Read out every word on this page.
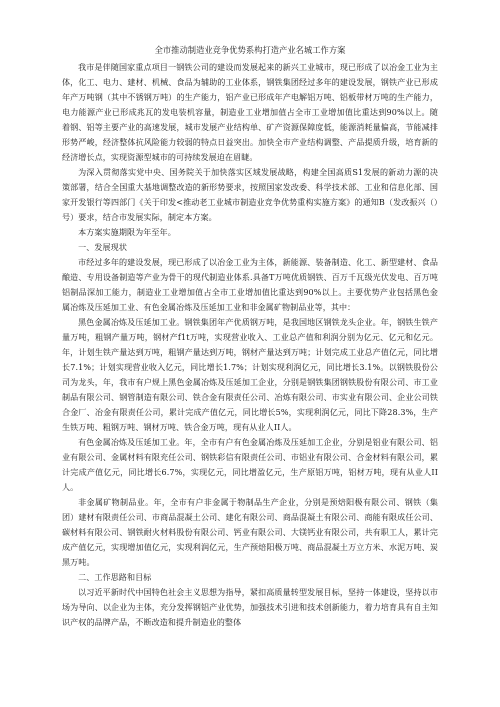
全市推动制造业竞争优势系构打造产业名城工作方案

我市是伴随国家重点项目一钢铁公司的建设而发展起来的新兴工业城市，现已形成了以冶金工业为主体，化工、电力、建材、机械、食品为辅助的工业体系，钢铁集团经过多年的建设发展，钢铁产业已形成年产万吨钢（其中不锈钢万吨）的生产能力，铝产业已形成年产电解铝万吨、铝板带材万吨的生产能力，电力能源产业已形成兆瓦的发电装机容量，制造业工业增加值占全市工业增加值比重达到90%以上。随着钢、铝等主要产业的高速发展，城市发展产业结构单、矿产资源保障度低，能源消耗量偏高，节能减排形势严峻，经济整体抗风险能力较弱的特点日益突出。加快全市产业结构调整、产品提质升级，培育新的经济增长点，实现资源型城市的可持续发展迫在眉睫。

为深入贯彻落实党中央、国务院关于加快落实区域发展战略，构建全国高质S1发展的新动力源的决策部署，结合全国重大基地调整改造的新形势要求，按照国家发改委、科学技术部、工业和信息化部、国家开发银行等四部门《关于印发<推动老工业城市制造业竞争优势重构实施方案》的通知B（发改振兴（）号）要求，结合市发展实际，制定本方案。

本方案实施期限为年至年。

一、发展现状

市经过多年的建设发展，现已形成了以冶金工业为主体，新能源、装备制造、化工、新型建材、食品酿造、专用设备制造等产业为骨干的现代制造业体系.具备T万吨优质钢铁、百万千瓦级光伏发电、百万吨铝制品深加工能力，制造业工业增加值占全市工业增加值比重达到90%以上。主要优势产业包括黑色金属冶炼及压延加工业、有色金属冶炼及压延加工业和非金属矿物制品业等，其中：

黑色金属冶炼及压延加工业。钢铁集团年产优质钢万吨，是我国地区钢铁龙头企业。年，钢铁生铁产量万吨，粗钢产量万吨，钢材产f1t万吨，实现营业收入、工业总产值和利润分别为亿元、亿元和亿元。年，计划生铁产量达到万吨，粗钢产量达到万吨，钢材产量达到万吨；计划完成工业总产值亿元，同比增长7.1%；计划实现营业收入亿元，同比增长1.7%；计划实现利润亿元，同比增长3.1%。以钢铁股份公司为龙头，年，我市有户规上黑色金属冶炼及压延加工企业，分别是钢铁集团钢铁股份有限公司、市工业制品有限公司、钢管制造有限公司、铁合金有限责任公司、冶炼有限公司、市实业有限公司、企业公司铁合金厂、冶金有限责任公司，累计完成产值亿元，同比增长5%，实现利润亿元，同比下降28.3%，生产生铁万吨、粗钢万吨、钢材万吨、铁合金万吨，现有从业人II人。

有色金属冶炼及压延加工业。年，全市有户有色金属冶炼及压延加工企业，分别是铝业有限公司、铝业有限公司、金属材料有限充任公司、钢铁彩信有限责任公司、市铝业有限公司、合金材料有限公司，累计完成产值亿元，同比增长6.7%，实现亿元，同比增盈亿元，生产原铝万吨，铝材万吨，现有从业人II人。

非金属矿物制品业。年，全市有户非金属于物制品生产企业，分别是预焙阳极有限公司、钢铁（集团）建材有限责任公司、市商品混凝土公司、建化有限公司、商品混凝土有限公司、商能有限成任公司、碳材料有限公司、钢铁耐火材料股份有限公司、钙业有限公司、大镁钙业有限公司，共有职工人，累计完成产值亿元，实现增加值亿元，实现利润亿元，生产预焙阳极万吨、商品混凝土万立方米、水泥万吨、炭黑万吨。

二、工作思路和目标

以习近平新时代中国特色社会主义思想为指导，紧扣高质量转型发展目标，坚持一体建设，坚持以市场为导向、以企业为主体，充分发挥钢铝产业优势，加强技术引进和技术创新能力，着力培育具有自主知识产权的品牌产品，不断改造和提升制造业的整体
